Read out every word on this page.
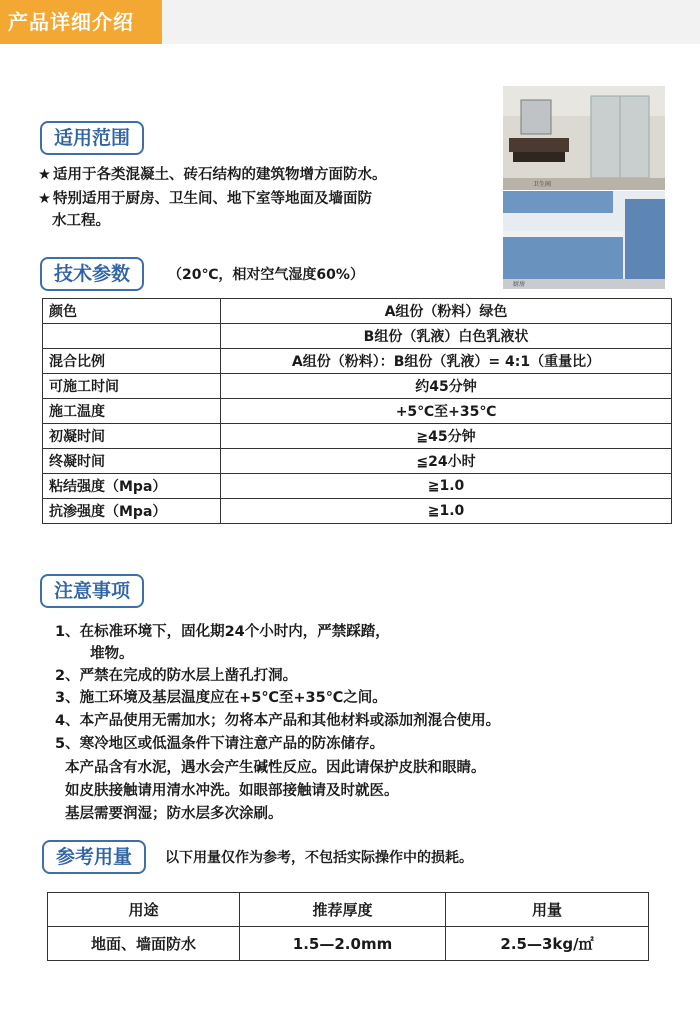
产品详细介绍
卫生间
厨房
适用范围
★ 适用于各类混凝土、砖石结构的建筑物增方面防水。
★ 特别适用于厨房、卫生间、地下室等地面及墙面防
水工程。
技术参数	（20℃，相对空气湿度60%）
颜色	A组份（粉料）绿色
	B组份（乳液）白色乳液状
混合比例	A组份（粉料）：B组份（乳液）= 4:1（重量比）
可施工时间	约45分钟
施工温度	+5℃至+35℃
初凝时间	≧45分钟
终凝时间	≦24小时
粘结强度（Mpa）	≧1.0
抗渗强度（Mpa）	≧1.0
注意事项
1、在标准环境下，固化期24个小时内，严禁踩踏，
堆物。
2、严禁在完成的防水层上凿孔打洞。
3、施工环境及基层温度应在+5℃至+35℃之间。
4、本产品使用无需加水；勿将本产品和其他材料或添加剂混合使用。
5、寒冷地区或低温条件下请注意产品的防冻储存。
本产品含有水泥，遇水会产生碱性反应。因此请保护皮肤和眼睛。
如皮肤接触请用清水冲洗。如眼部接触请及时就医。
基层需要润湿；防水层多次涂刷。
参考用量	以下用量仅作为参考，不包括实际操作中的损耗。
用途	推荐厚度	用量
地面、墙面防水	1.5—2.0mm	2.5—3kg/㎡
